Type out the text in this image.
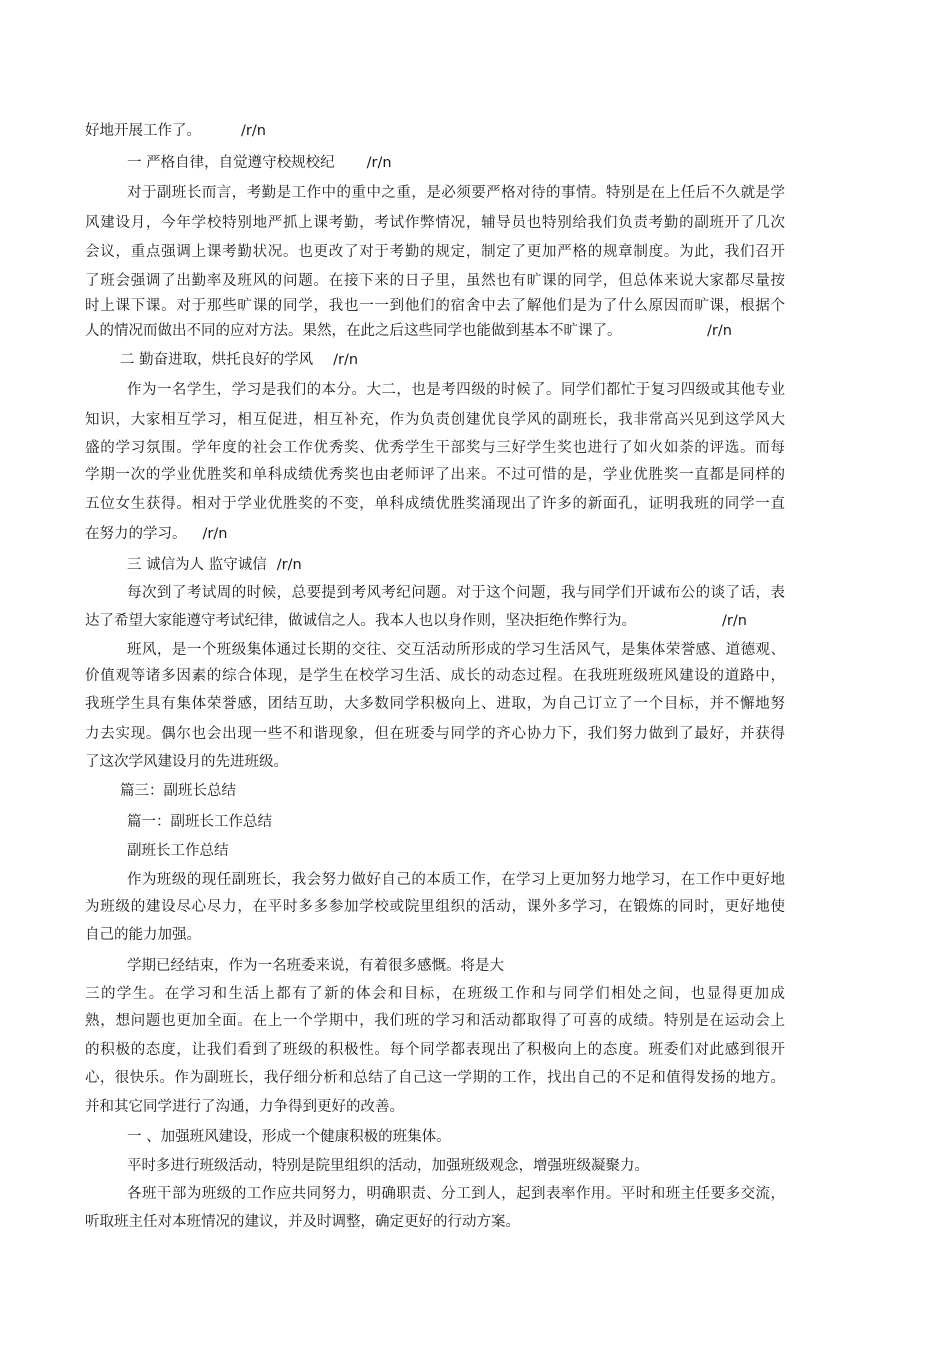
好地开展工作了。	/r/n
一 严格自律，自觉遵守校规校纪 /r/n
对于副班长而言，考勤是工作中的重中之重，是必须要严格对待的事情。特别是在上任后不久就是学
风建设月，今年学校特别地严抓上课考勤，考试作弊情况，辅导员也特别给我们负责考勤的副班开了几次
会议，重点强调上课考勤状况。也更改了对于考勤的规定，制定了更加严格的规章制度。为此，我们召开
了班会强调了出勤率及班风的问题。在接下来的日子里，虽然也有旷课的同学，但总体来说大家都尽量按
时上课下课。对于那些旷课的同学，我也一一到他们的宿舍中去了解他们是为了什么原因而旷课，根据个
人的情况而做出不同的应对方法。果然，在此之后这些同学也能做到基本不旷课了。	/r/n
二 勤奋进取，烘托良好的学风 /r/n
作为一名学生，学习是我们的本分。大二，也是考四级的时候了。同学们都忙于复习四级或其他专业
知识，大家相互学习，相互促进，相互补充，作为负责创建优良学风的副班长，我非常高兴见到这学风大
盛的学习氛围。学年度的社会工作优秀奖、优秀学生干部奖与三好学生奖也进行了如火如荼的评选。而每
学期一次的学业优胜奖和单科成绩优秀奖也由老师评了出来。不过可惜的是，学业优胜奖一直都是同样的
五位女生获得。相对于学业优胜奖的不变，单科成绩优胜奖涌现出了许多的新面孔，证明我班的同学一直
在努力的学习。 /r/n
三 诚信为人 监守诚信 /r/n
每次到了考试周的时候，总要提到考风考纪问题。对于这个问题，我与同学们开诚布公的谈了话，表
达了希望大家能遵守考试纪律，做诚信之人。我本人也以身作则，坚决拒绝作弊行为。	/r/n
班风，是一个班级集体通过长期的交往、交互活动所形成的学习生活风气，是集体荣誉感、道德观、
价值观等诸多因素的综合体现，是学生在校学习生活、成长的动态过程。在我班班级班风建设的道路中，
我班学生具有集体荣誉感，团结互助，大多数同学积极向上、进取，为自己订立了一个目标，并不懈地努
力去实现。偶尔也会出现一些不和谐现象，但在班委与同学的齐心协力下，我们努力做到了最好，并获得
了这次学风建设月的先进班级。
篇三：副班长总结
篇一：副班长工作总结
副班长工作总结
作为班级的现任副班长，我会努力做好自己的本质工作，在学习上更加努力地学习，在工作中更好地
为班级的建设尽心尽力，在平时多多参加学校或院里组织的活动，课外多学习，在锻炼的同时，更好地使
自己的能力加强。
学期已经结束，作为一名班委来说，有着很多感慨。将是大
三的学生。在学习和生活上都有了新的体会和目标，在班级工作和与同学们相处之间，也显得更加成
熟，想问题也更加全面。在上一个学期中，我们班的学习和活动都取得了可喜的成绩。特别是在运动会上
的积极的态度，让我们看到了班级的积极性。每个同学都表现出了积极向上的态度。班委们对此感到很开
心，很快乐。作为副班长，我仔细分析和总结了自己这一学期的工作，找出自己的不足和值得发扬的地方。
并和其它同学进行了沟通，力争得到更好的改善。
一 、加强班风建设，形成一个健康积极的班集体。
平时多进行班级活动，特别是院里组织的活动，加强班级观念，增强班级凝聚力。
各班干部为班级的工作应共同努力，明确职责、分工到人，起到表率作用。平时和班主任要多交流，
听取班主任对本班情况的建议，并及时调整，确定更好的行动方案。
